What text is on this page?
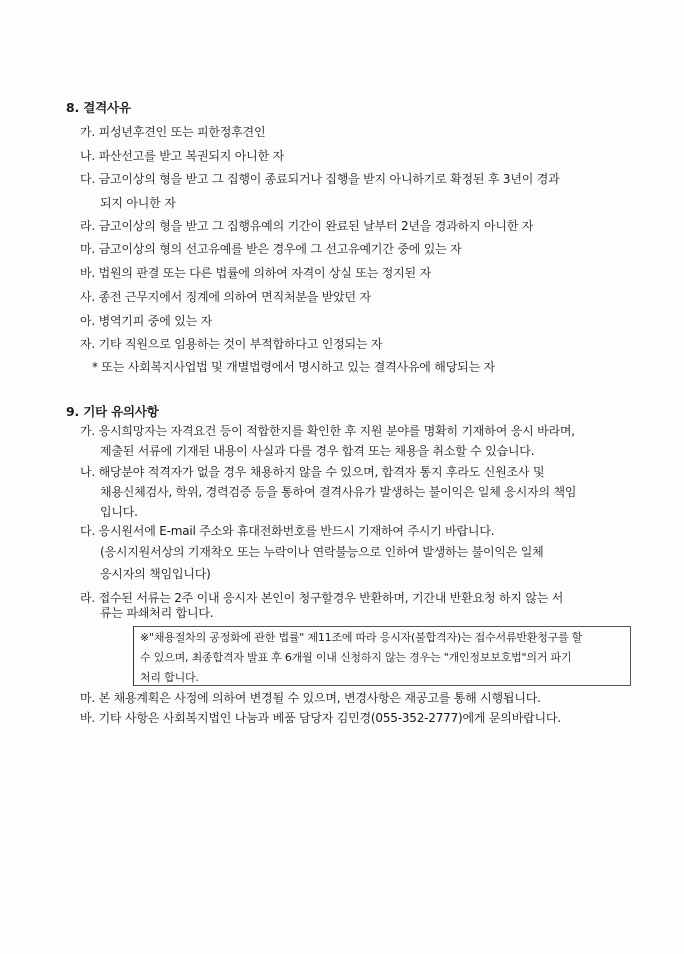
8. 결격사유
가. 피성년후견인 또는 피한정후견인
나. 파산선고를 받고 복권되지 아니한 자
다. 금고이상의 형을 받고 그 집행이 종료되거나 집행을 받지 아니하기로 확정된 후 3년이 경과
되지 아니한 자
라. 금고이상의 형을 받고 그 집행유예의 기간이 완료된 날부터 2년을 경과하지 아니한 자
마. 금고이상의 형의 선고유예를 받은 경우에 그 선고유예기간 중에 있는 자
바. 법원의 판결 또는 다른 법률에 의하여 자격이 상실 또는 정지된 자
사. 종전 근무지에서 징계에 의하여 면직처분을 받았던 자
아. 병역기피 중에 있는 자
자. 기타 직원으로 임용하는 것이 부적합하다고 인정되는 자
* 또는 사회복지사업법 및 개별법령에서 명시하고 있는 결격사유에 해당되는 자
9. 기타 유의사항
가. 응시희망자는 자격요건 등이 적합한지를 확인한 후 지원 분야를 명확히 기재하여 응시 바라며,
제출된 서류에 기재된 내용이 사실과 다를 경우 합격 또는 채용을 취소할 수 있습니다.
나. 해당분야 적격자가 없을 경우 채용하지 않을 수 있으며, 합격자 통지 후라도 신원조사 및
채용신체검사, 학위, 경력검증 등을 통하여 결격사유가 발생하는 불이익은 일체 응시자의 책임
입니다.
다. 응시원서에 E-mail 주소와 휴대전화번호를 반드시 기재하여 주시기 바랍니다.
(응시지원서상의 기재착오 또는 누락이나 연락불능으로 인하여 발생하는 불이익은 일체
응시자의 책임입니다)
라. 접수된 서류는 2주 이내 응시자 본인이 청구할경우 반환하며, 기간내 반환요청 하지 않는 서
류는 파쇄처리 합니다.
※"채용절차의 공정화에 관한 법률" 제11조에 따라 응시자(불합격자)는 접수서류반환청구를 할
수 있으며, 최종합격자 발표 후 6개월 이내 신청하지 않는 경우는 "개인정보보호법"의거 파기
처리 합니다.
마. 본 채용계획은 사정에 의하여 변경될 수 있으며, 변경사항은 재공고를 통해 시행됩니다.
바. 기타 사항은 사회복지법인 나눔과 베품 담당자 김민경(055-352-2777)에게 문의바랍니다.
